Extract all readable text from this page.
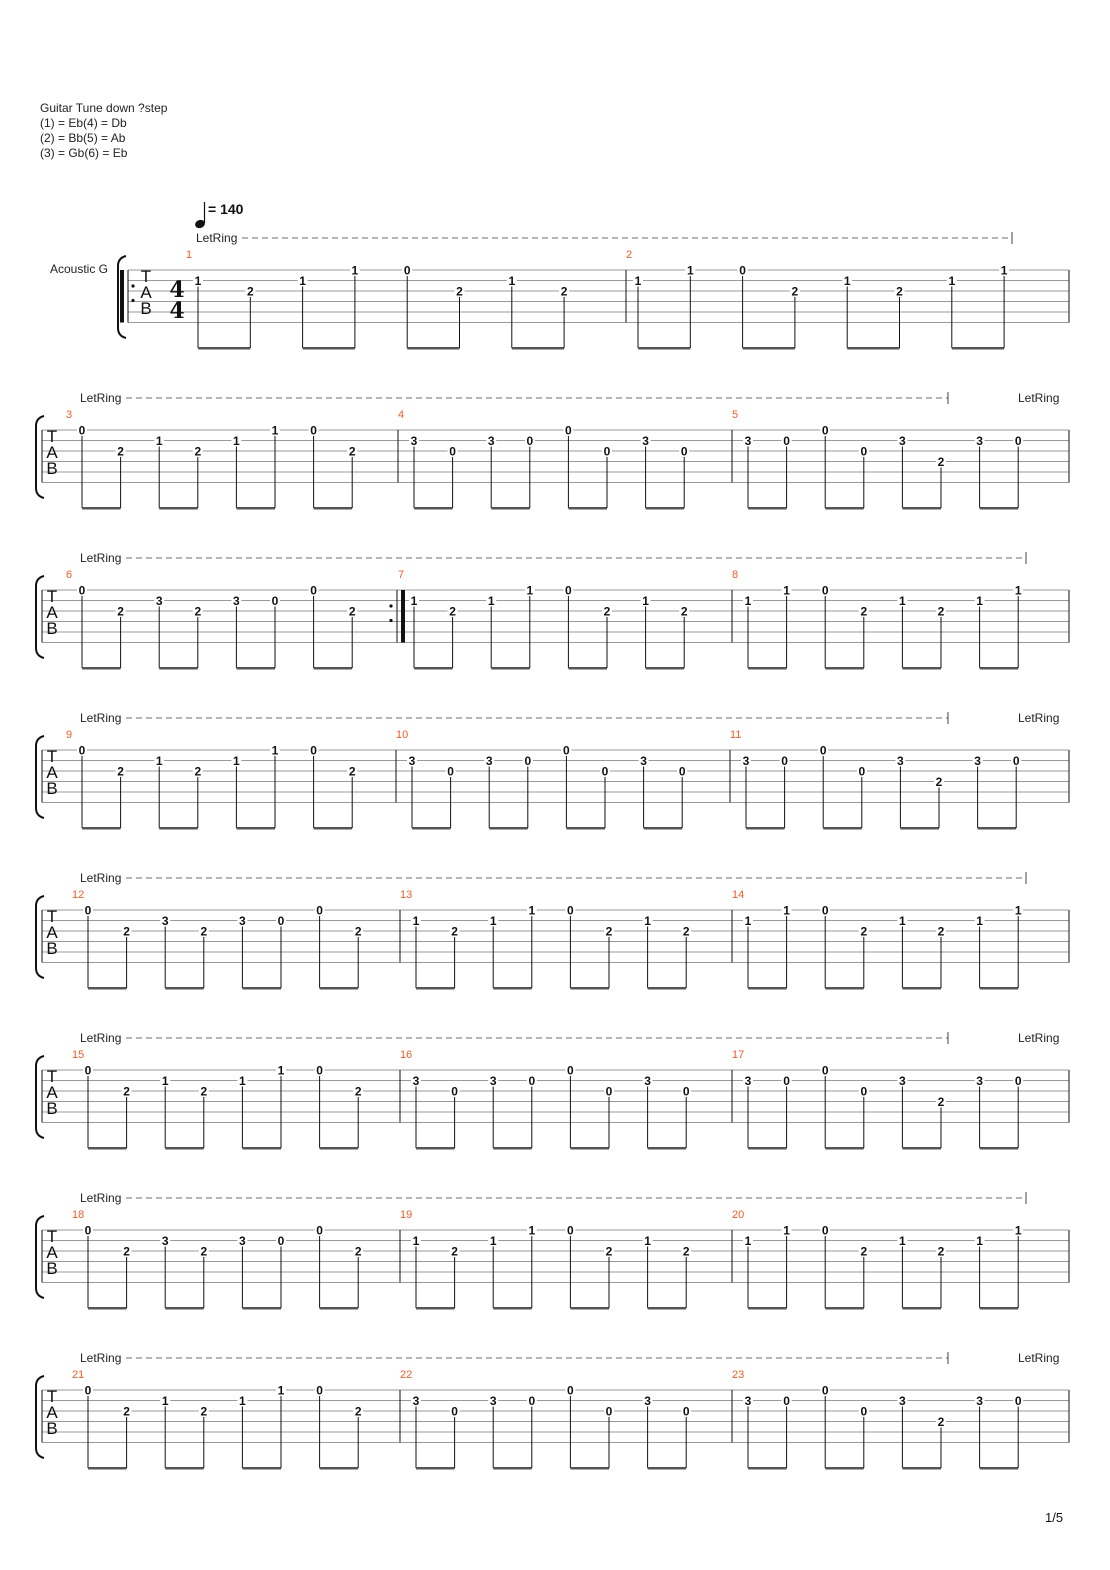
Guitar Tune down ?step
(1) = Eb(4) = Db
(2) = Bb(5) = Ab
(3) = Gb(6) = Eb
T
A
B
Acoustic G
4
4
= 140
LetRing
1
1
2
1
1	0
2
1
2
2
1
1	0
2
1
2
1
1
T
A
B
LetRing	LetRing
3
0
2
1
2
1
1	0
2
4
3
0
3	0
0
0
3
0
5
3	0
0
0
3
2
3	0
T
A
B
LetRing
6
0
2
3
2
3	0
0
2
7
1
2
1
1	0
2
1
2
8
1
1	0
2
1
2
1
1
T
A
B
LetRing	LetRing
9
0
2
1
2
1
1	0
2
10
3
0
3	0
0
0
3
0
11
3	0
0
0
3
2
3	0
T
A
B
LetRing
12
0
2
3
2
3	0
0
2
13
1
2
1
1	0
2
1
2
14
1
1	0
2
1
2
1
1
T
A
B
LetRing	LetRing
15
0
2
1
2
1
1	0
2
16
3
0
3	0
0
0
3
0
17
3	0
0
0
3
2
3	0
T
A
B
LetRing
18
0
2
3
2
3	0
0
2
19
1
2
1
1	0
2
1
2
20
1
1	0
2
1
2
1
1
T
A
B
LetRing	LetRing
21
0
2
1
2
1
1	0
2
22
3
0
3	0
0
0
3
0
23
3	0
0
0
3
2
3	0
1/5
